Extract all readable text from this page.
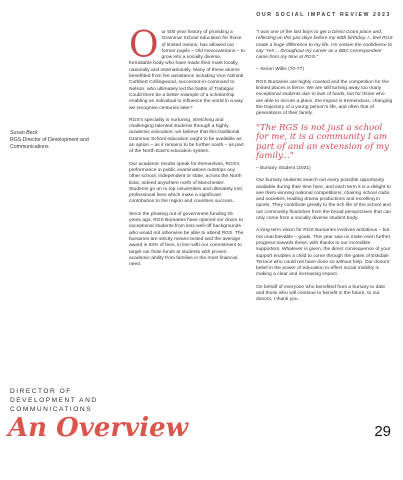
OUR SOCIAL IMPACT REVIEW 2023
Susan Beck
RGS Director of Development and Communications

O ur 500 year history of providing a Grammar School education for those of limited means, has allowed our former pupils – Old Novocastrians – to grow into a socially diverse, formidable body who have made their mark locally, nationally and internationally. Many of these alumni benefitted from fee assistance including Vice Admiral Cuthbert Collingwood, successor-in-command to Nelson, who ultimately led the battle of Trafalgar. Could there be a better example of a scholarship enabling an individual to influence the world in a way we recognise centuries later?

RGS's speciality is nurturing, stretching and challenging talented students through a highly academic education; we believe that this traditional Grammar School education ought to be available as an option – as it remains to be further south – as part of the North East's education system.

Our academic results speak for themselves, RGS's performance in public examinations outstrips any other school, independent or state, across the North East, indeed anywhere north of Manchester. Students go on to top universities and ultimately into professional lives which make a significant contribution to the region and countries success.

Since the phasing out of government funding 25 years ago, RGS Bursaries have opened our doors to exceptional students from less well-off backgrounds who would not otherwise be able to attend RGS. The bursaries are strictly means tested and the average award is 93% of fees, in line with our commitment to target our finite funds at students with proven academic ability from families in the most financial need.

"I was one of the last boys to get a Direct Grant place and, reflecting on this just days before my 60th birthday, I...feel RGS made a huge difference to my life. I'm certain the confidence to say 'Yes'... throughout my career as a BBC correspondent came from my time at RGS."

– Simon Willis (70-77)

RGS Bursaries are highly coveted and the competition for the limited places is fierce. We are still turning away too many exceptional students due to lack of funds, but for those who are able to secure a place, the impact is tremendous, changing the trajectory of a young person's life, and often that of generations of their family.

"The RGS is not just a school for me, it is a community I am part of and an extension of my family..."

– Bursary Student (2021)

Our bursary students search out every possible opportunity available during their time here, and each term it is a delight to see them winning national competitions; chairing school clubs and societies; leading drama productions and excelling in sports. They contribute greatly to the rich life of the school and our community flourishes from the broad perspectives that can only come from a socially diverse student body.

A long-term vision for RGS Bursaries involves ambitious – but not unachievable – goals. This year saw us make even further progress towards these, with thanks to our incredible supporters. Whatever is given, the direct consequence of your support enables a child to come through the gates of Eskdale Terrace who could not have done so without help. Our donors' belief in the power of education to effect social mobility is making a clear and increasing impact.

On behalf of everyone who benefited from a bursary to date and those who will continue to benefit in the future, to our donors, I thank you.

DIRECTOR OF DEVELOPMENT AND COMMUNICATIONS
An Overview	29
